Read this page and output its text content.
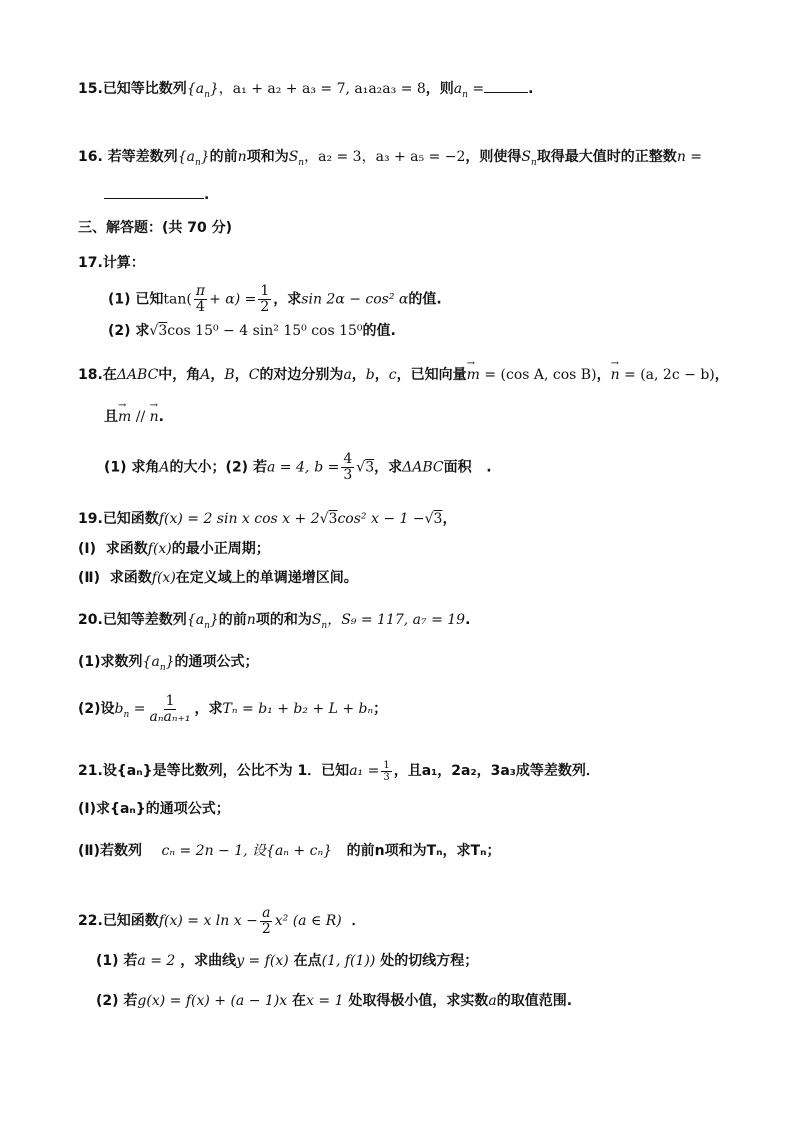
15.已知等比数列$\{a_n\}$，a₁ + a₂ + a₃ = 7, a₁a₂a₃ = 8，则$a_n$ =	.
16. 若等差数列$\{a_n\}$的前n项和为$S_n$，a₂ = 3，a₃ + a₅ = −2，则使得$S_n$取得最大值时的正整数n =
.
三、解答题：(共 70 分)
17.计算：
(1) 已知$\tan( \frac{\pi}{4} + \alpha) = \frac{1}{2}$ ，求sin 2α − cos² α的值.
(2) 求√3cos 15⁰ − 4 sin² 15⁰ cos 15⁰的值.
18.在ΔABC中，角A，B，C的对边分别为a，b，c，已知向量→ m = (cos A, cos B)，→ n = (a, 2c − b)，
且→ m // → n.
(1) 求角A的大小；(2) 若a = 4, $b = \frac{4}{3} √3$，求ΔABC面积 .
19.已知函数f(x) = 2 sin x cos x + 2√3cos² x − 1 −√3，
(Ⅰ) 求函数f(x)的最小正周期；
(Ⅱ) 求函数f(x)在定义域上的单调递增区间。
20.已知等差数列$\{a_n\}$的前n项的和为$S_n$，S₉ = 117, a₇ = 19.
(1)求数列$\{a_n\}$的通项公式；
(2)设$b_n = \frac{1}{\text{aₙaₙ₊₁}}$ ，求Tₙ = b₁ + b₂ + L + bₙ；
21.设{aₙ}是等比数列，公比不为 1．已知$a_1 = \frac{1}{3}$ ，且a₁，2a₂，3a₃成等差数列．
(Ⅰ)求{aₙ}的通项公式；
(Ⅱ)若数列 cₙ = 2n − 1, 设{aₙ + cₙ} 的前n项和为Tₙ，求Tₙ；
22.已知函数f(x) = x $\ln x - \frac{a}{2} x^2$ (a ∈ R) ．
(1) 若a = 2 ，求曲线y = f(x) 在点(1, f(1)) 处的切线方程；
(2) 若g(x) = f(x) + (a − 1)x 在x = 1 处取得极小值，求实数a的取值范围.
